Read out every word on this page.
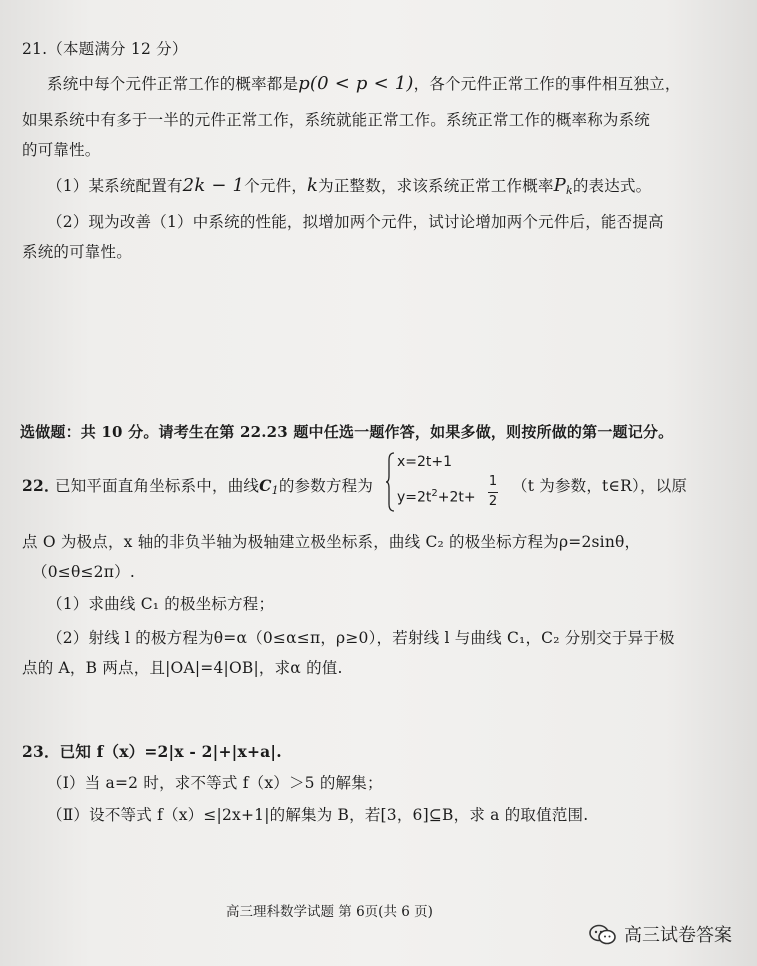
21.（本题满分 12 分）
系统中每个元件正常工作的概率都是p(0 < p < 1)，各个元件正常工作的事件相互独立，
如果系统中有多于一半的元件正常工作，系统就能正常工作。系统正常工作的概率称为系统
的可靠性。
（1）某系统配置有2k − 1个元件，k为正整数，求该系统正常工作概率$P_k$的表达式。
（2）现为改善（1）中系统的性能，拟增加两个元件，试讨论增加两个元件后，能否提高
系统的可靠性。
选做题：共 10 分。请考生在第 22.23 题中任选一题作答，如果多做，则按所做的第一题记分。
22．
已知平面直角坐标系中，曲线$C_1$的参数方程为
x=2t+1
$y=2t^2+2t+$
1
2
（t 为参数，t∈R），以原
点 O 为极点，x 轴的非负半轴为极轴建立极坐标系，曲线 C₂ 的极坐标方程为ρ=2sinθ，
（0≤θ≤2π）.
（1）求曲线 C₁ 的极坐标方程；
（2）射线 l 的极方程为θ=α（0≤α≤π，ρ≥0），若射线 l 与曲线 C₁，C₂ 分别交于异于极
点的 A，B 两点，且|OA|=4|OB|，求α 的值.
23．已知 f（x）=2|x - 2|+|x+a|.
（Ⅰ）当 a=2 时，求不等式 f（x）＞5 的解集；
（Ⅱ）设不等式 f（x）≤|2x+1|的解集为 B，若[3，6]⊆B，求 a 的取值范围.
高三理科数学试题 第 6页(共 6 页)
高三试卷答案
